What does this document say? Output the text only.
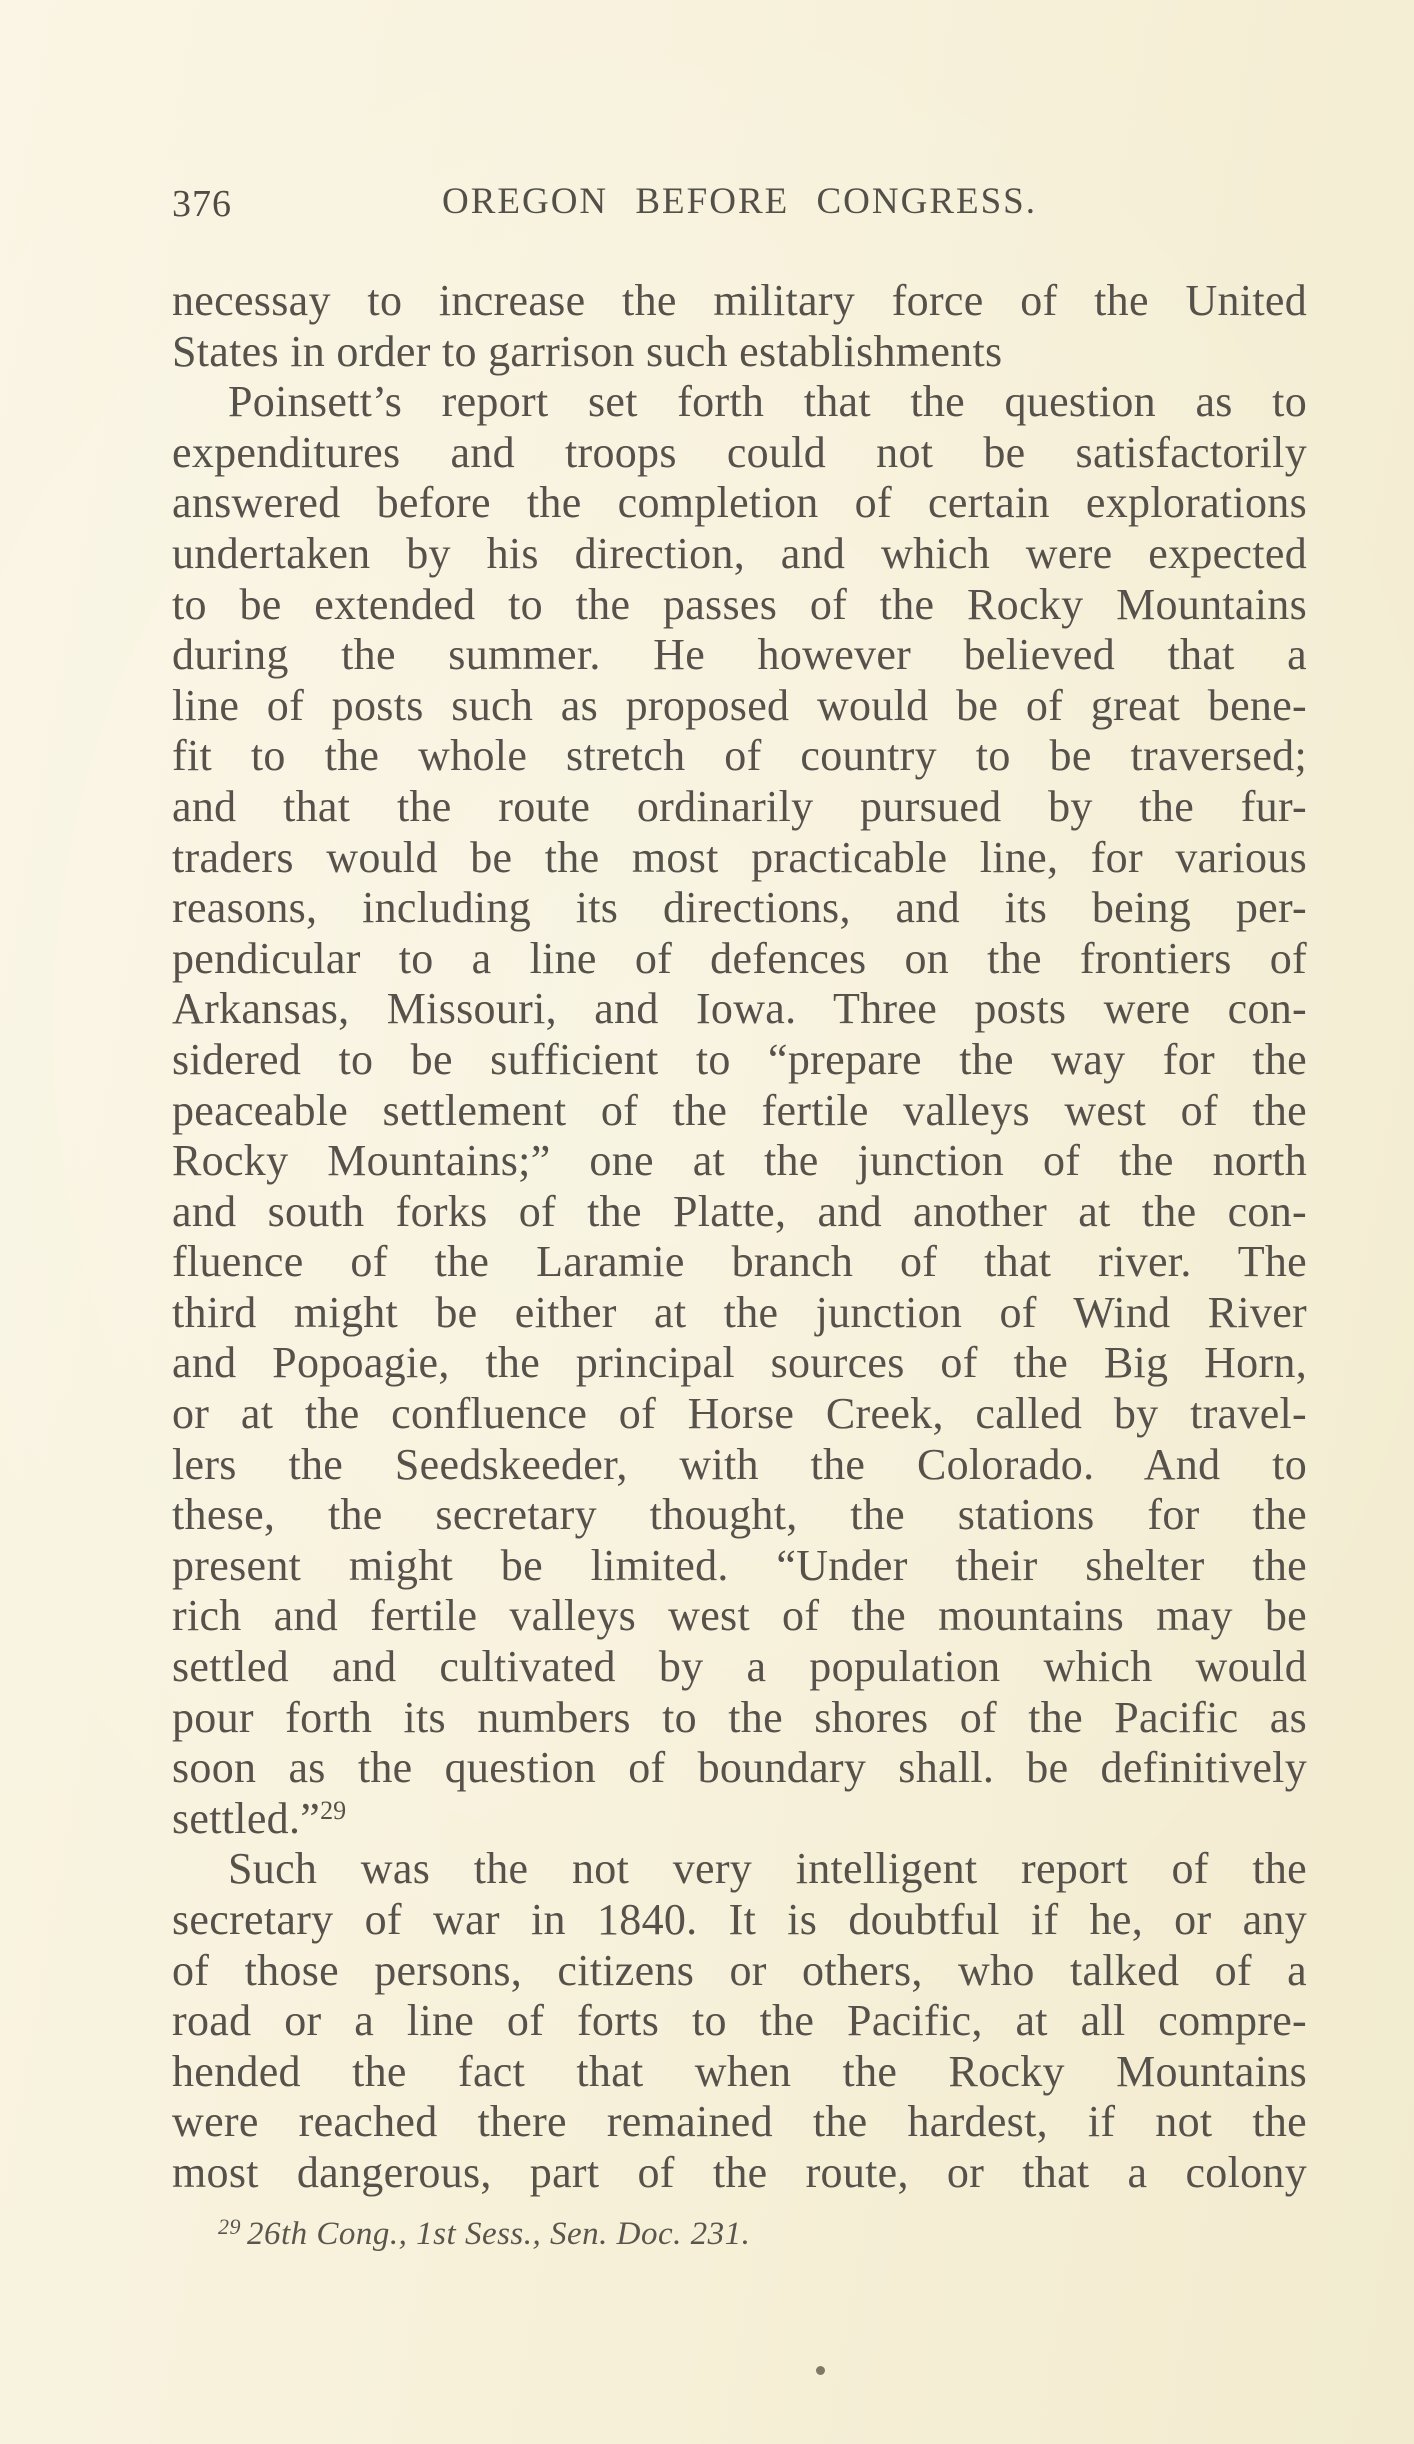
376	OREGON BEFORE CONGRESS.
necessay to increase the military force of the United
States in order to garrison such establishments
Poinsett’s report set forth that the question as to
expenditures and troops could not be satisfactorily
answered before the completion of certain explorations
undertaken by his direction, and which were expected
to be extended to the passes of the Rocky Mountains
during the summer. He however believed that a
line of posts such as proposed would be of great bene-
fit to the whole stretch of country to be traversed;
and that the route ordinarily pursued by the fur-
traders would be the most practicable line, for various
reasons, including its directions, and its being per-
pendicular to a line of defences on the frontiers of
Arkansas, Missouri, and Iowa. Three posts were con-
sidered to be sufficient to “prepare the way for the
peaceable settlement of the fertile valleys west of the
Rocky Mountains;” one at the junction of the north
and south forks of the Platte, and another at the con-
fluence of the Laramie branch of that river. The
third might be either at the junction of Wind River
and Popoagie, the principal sources of the Big Horn,
or at the confluence of Horse Creek, called by travel-
lers the Seedskeeder, with the Colorado. And to
these, the secretary thought, the stations for the
present might be limited. “Under their shelter the
rich and fertile valleys west of the mountains may be
settled and cultivated by a population which would
pour forth its numbers to the shores of the Pacific as
soon as the question of boundary shall. be definitively
settled.”$^{29}$
Such was the not very intelligent report of the
secretary of war in 1840. It is doubtful if he, or any
of those persons, citizens or others, who talked of a
road or a line of forts to the Pacific, at all compre-
hended the fact that when the Rocky Mountains
were reached there remained the hardest, if not the
most dangerous, part of the route, or that a colony
$^{29}$ 26th Cong., 1st Sess., Sen. Doc. 231.
